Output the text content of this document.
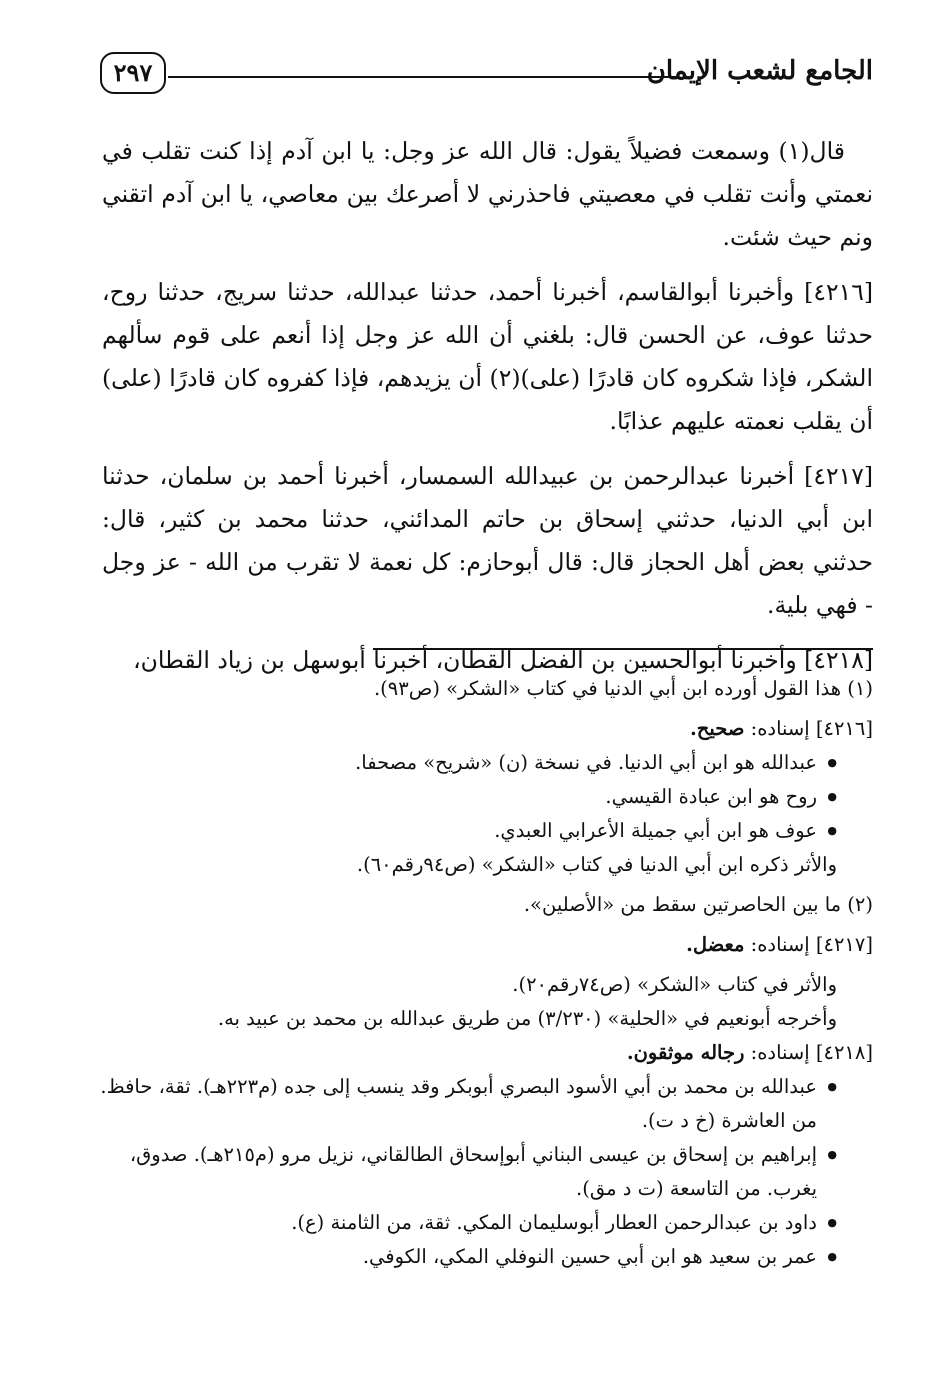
الجامع لشعب الإيمان
٢٩٧

قال(١) وسمعت فضيلاً يقول: قال الله عز وجل: يا ابن آدم إذا كنت تقلب في نعمتي وأنت تقلب في معصيتي فاحذرني لا أصرعك بين معاصي، يا ابن آدم اتقني ونم حيث شئت.

[٤٢١٦] وأخبرنا أبوالقاسم، أخبرنا أحمد، حدثنا عبدالله، حدثنا سريج، حدثنا روح، حدثنا عوف، عن الحسن قال: بلغني أن الله عز وجل إذا أنعم على قوم سألهم الشكر، فإذا شكروه كان قادرًا (على)(٢) أن يزيدهم، فإذا كفروه كان قادرًا (على) أن يقلب نعمته عليهم عذابًا.

[٤٢١٧] أخبرنا عبدالرحمن بن عبيدالله السمسار، أخبرنا أحمد بن سلمان، حدثنا ابن أبي الدنيا، حدثني إسحاق بن حاتم المدائني، حدثنا محمد بن كثير، قال: حدثني بعض أهل الحجاز قال: قال أبوحازم: كل نعمة لا تقرب من الله - عز وجل - فهي بلية.

[٤٢١٨] وأخبرنا أبوالحسين بن الفضل القطان، أخبرنا أبوسهل بن زياد القطان،

(١) هذا القول أورده ابن أبي الدنيا في كتاب «الشكر» (ص٩٣).

[٤٢١٦] إسناده: صحيح.

● عبدالله هو ابن أبي الدنيا. في نسخة (ن) «شريح» مصحفا.

● روح هو ابن عبادة القيسي.

● عوف هو ابن أبي جميلة الأعرابي العبدي.

والأثر ذكره ابن أبي الدنيا في كتاب «الشكر» (ص٩٤رقم٦٠).

(٢) ما بين الحاصرتين سقط من «الأصلين».

[٤٢١٧] إسناده: معضل.

والأثر في كتاب «الشكر» (ص٧٤رقم٢٠).

وأخرجه أبونعيم في «الحلية» (٣/٢٣٠) من طريق عبدالله بن محمد بن عبيد به.

[٤٢١٨] إسناده: رجاله موثقون.

● عبدالله بن محمد بن أبي الأسود البصري أبوبكر وقد ينسب إلى جده (م٢٢٣هـ). ثقة، حافظ. من العاشرة (خ د ت).

● إبراهيم بن إسحاق بن عيسى البناني أبوإسحاق الطالقاني، نزيل مرو (م٢١٥هـ). صدوق، يغرب. من التاسعة (ت د مق).

● داود بن عبدالرحمن العطار أبوسليمان المكي. ثقة، من الثامنة (ع).

● عمر بن سعيد هو ابن أبي حسين النوفلي المكي، الكوفي.
